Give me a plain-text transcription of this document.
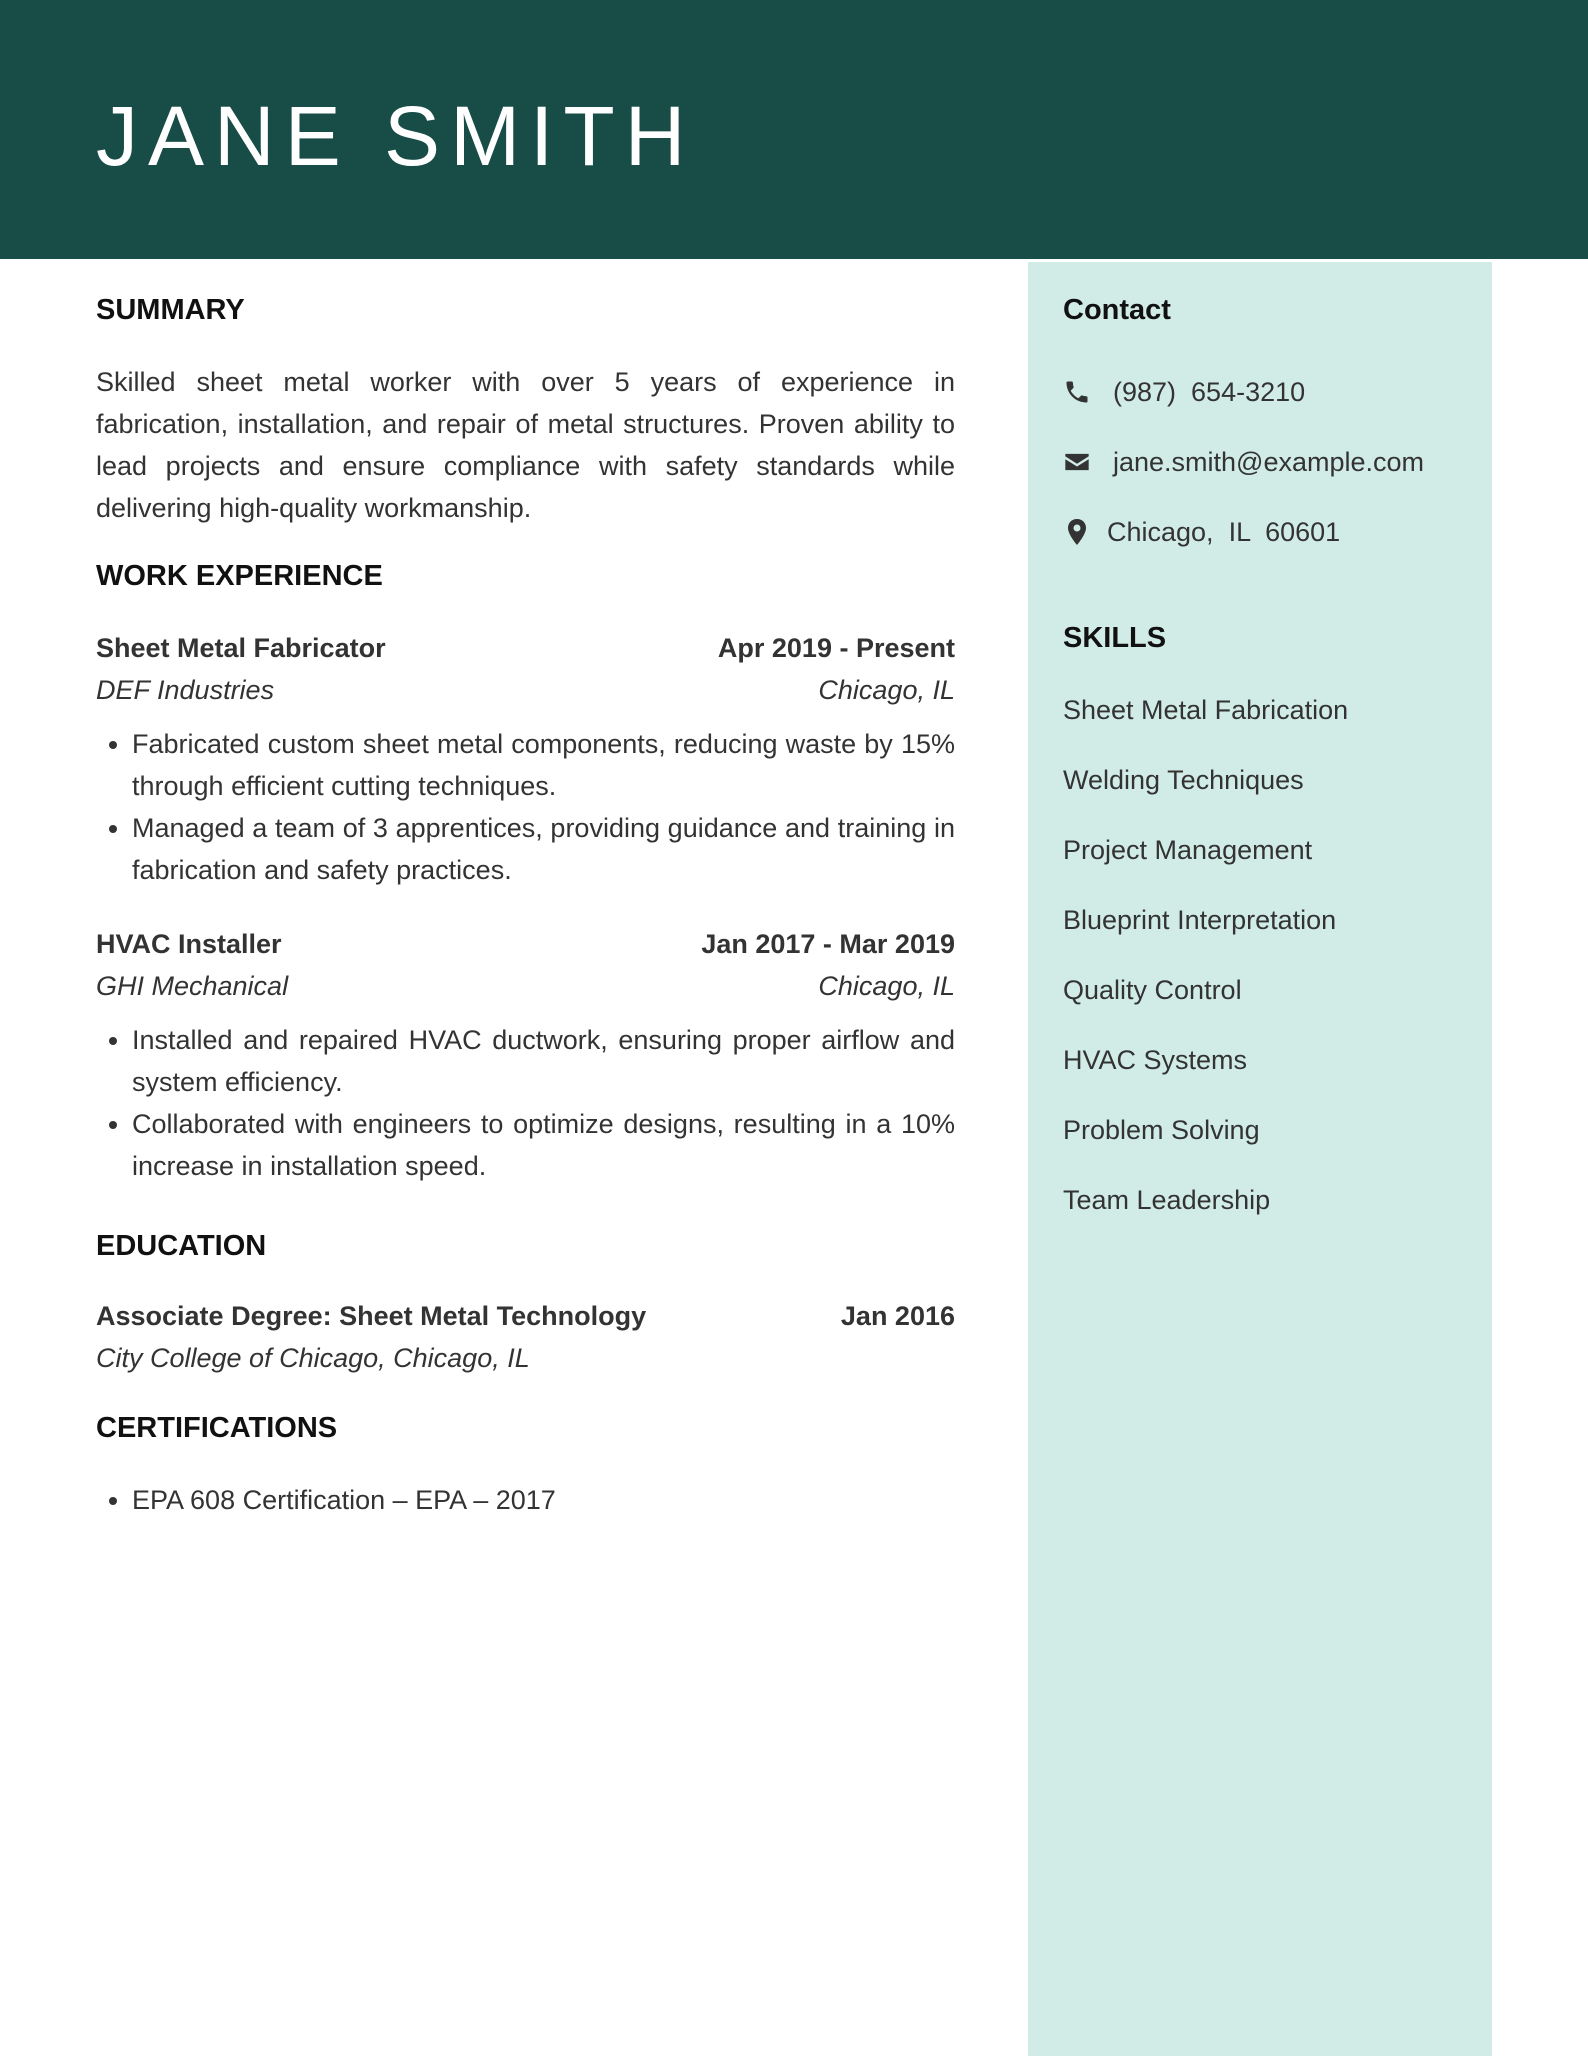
JANE SMITH
Contact
(987)  654-3210
jane.smith@example.com
Chicago,  IL  60601
SKILLS
Sheet Metal Fabrication
Welding Techniques
Project Management
Blueprint Interpretation
Quality Control
HVAC Systems
Problem Solving
Team Leadership
SUMMARY

Skilled sheet metal worker with over 5 years of experience in fabrication, installation, and repair of metal structures. Proven ability to lead projects and ensure compliance with safety standards while delivering high-quality workmanship.

WORK EXPERIENCE
Sheet Metal Fabricator	Apr 2019 - Present
DEF Industries	Chicago, IL
• Fabricated custom sheet metal components, reducing waste by 15% through efficient cutting techniques.
• Managed a team of 3 apprentices, providing guidance and training in fabrication and safety practices.
HVAC Installer	Jan 2017 - Mar 2019
GHI Mechanical	Chicago, IL
• Installed and repaired HVAC ductwork, ensuring proper airflow and system efficiency.
• Collaborated with engineers to optimize designs, resulting in a 10% increase in installation speed.
EDUCATION
Associate Degree: Sheet Metal Technology	Jan 2016
City College of Chicago, Chicago, IL
CERTIFICATIONS
• EPA 608 Certification – EPA – 2017
